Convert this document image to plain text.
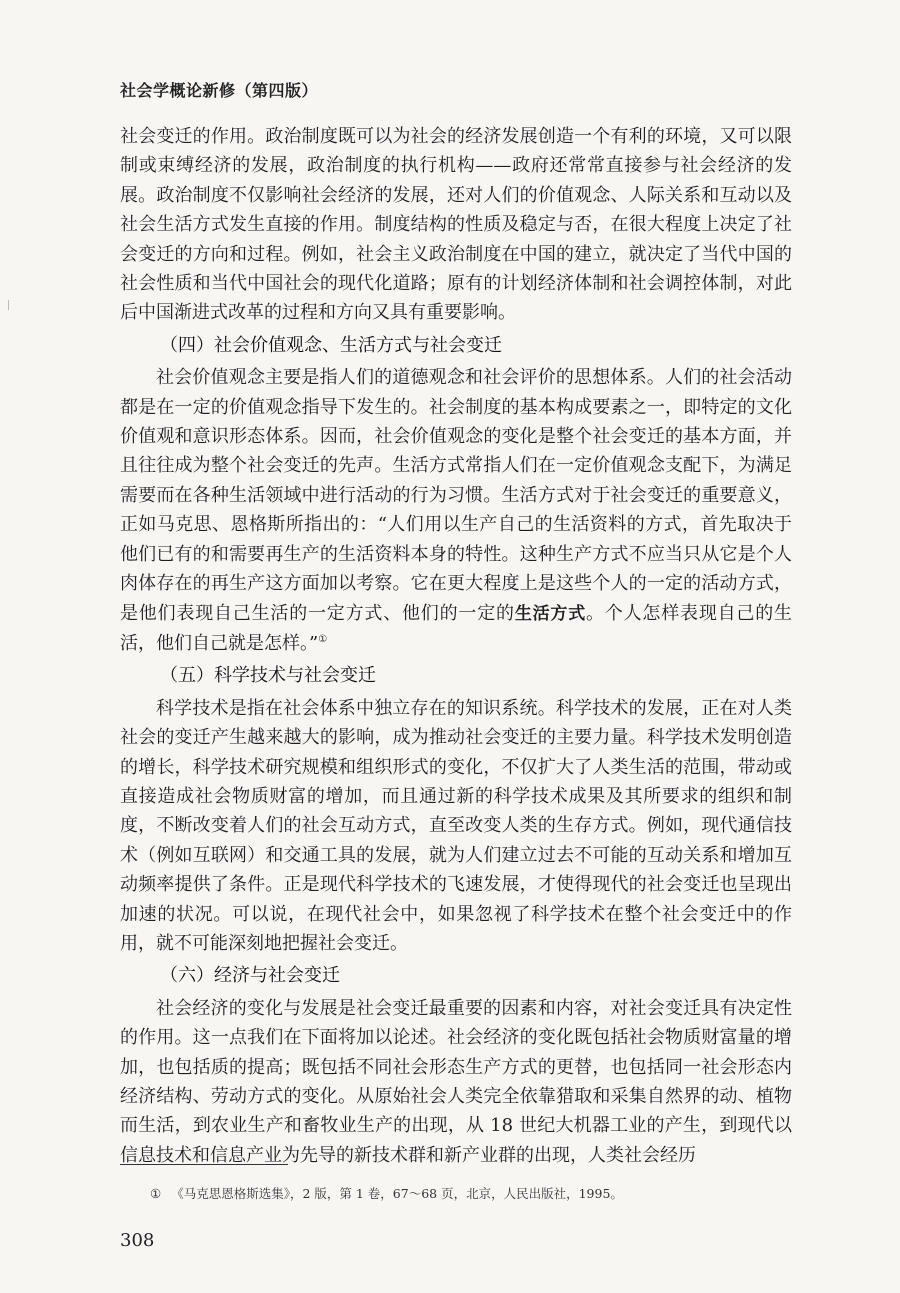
社会学概论新修（第四版）

社会变迁的作用。政治制度既可以为社会的经济发展创造一个有利的环境，又可以限制或束缚经济的发展，政治制度的执行机构——政府还常常直接参与社会经济的发展。政治制度不仅影响社会经济的发展，还对人们的价值观念、人际关系和互动以及社会生活方式发生直接的作用。制度结构的性质及稳定与否，在很大程度上决定了社会变迁的方向和过程。例如，社会主义政治制度在中国的建立，就决定了当代中国的社会性质和当代中国社会的现代化道路；原有的计划经济体制和社会调控体制，对此后中国渐进式改革的过程和方向又具有重要影响。

（四）社会价值观念、生活方式与社会变迁

社会价值观念主要是指人们的道德观念和社会评价的思想体系。人们的社会活动都是在一定的价值观念指导下发生的。社会制度的基本构成要素之一，即特定的文化价值观和意识形态体系。因而，社会价值观念的变化是整个社会变迁的基本方面，并且往往成为整个社会变迁的先声。生活方式常指人们在一定价值观念支配下，为满足需要而在各种生活领域中进行活动的行为习惯。生活方式对于社会变迁的重要意义，正如马克思、恩格斯所指出的：“人们用以生产自己的生活资料的方式，首先取决于他们已有的和需要再生产的生活资料本身的特性。这种生产方式不应当只从它是个人肉体存在的再生产这方面加以考察。它在更大程度上是这些个人的一定的活动方式，是他们表现自己生活的一定方式、他们的一定的生活方式。个人怎样表现自己的生活，他们自己就是怎样。”①

（五）科学技术与社会变迁

科学技术是指在社会体系中独立存在的知识系统。科学技术的发展，正在对人类社会的变迁产生越来越大的影响，成为推动社会变迁的主要力量。科学技术发明创造的增长，科学技术研究规模和组织形式的变化，不仅扩大了人类生活的范围，带动或直接造成社会物质财富的增加，而且通过新的科学技术成果及其所要求的组织和制度，不断改变着人们的社会互动方式，直至改变人类的生存方式。例如，现代通信技术（例如互联网）和交通工具的发展，就为人们建立过去不可能的互动关系和增加互动频率提供了条件。正是现代科学技术的飞速发展，才使得现代的社会变迁也呈现出加速的状况。可以说，在现代社会中，如果忽视了科学技术在整个社会变迁中的作用，就不可能深刻地把握社会变迁。

（六）经济与社会变迁

社会经济的变化与发展是社会变迁最重要的因素和内容，对社会变迁具有决定性的作用。这一点我们在下面将加以论述。社会经济的变化既包括社会物质财富量的增加，也包括质的提高；既包括不同社会形态生产方式的更替，也包括同一社会形态内经济结构、劳动方式的变化。从原始社会人类完全依靠猎取和采集自然界的动、植物而生活，到农业生产和畜牧业生产的出现，从 18 世纪大机器工业的产生，到现代以信息技术和信息产业为先导的新技术群和新产业群的出现，人类社会经历

① 《马克思恩格斯选集》，2 版，第 1 卷，67～68 页，北京，人民出版社，1995。
308
